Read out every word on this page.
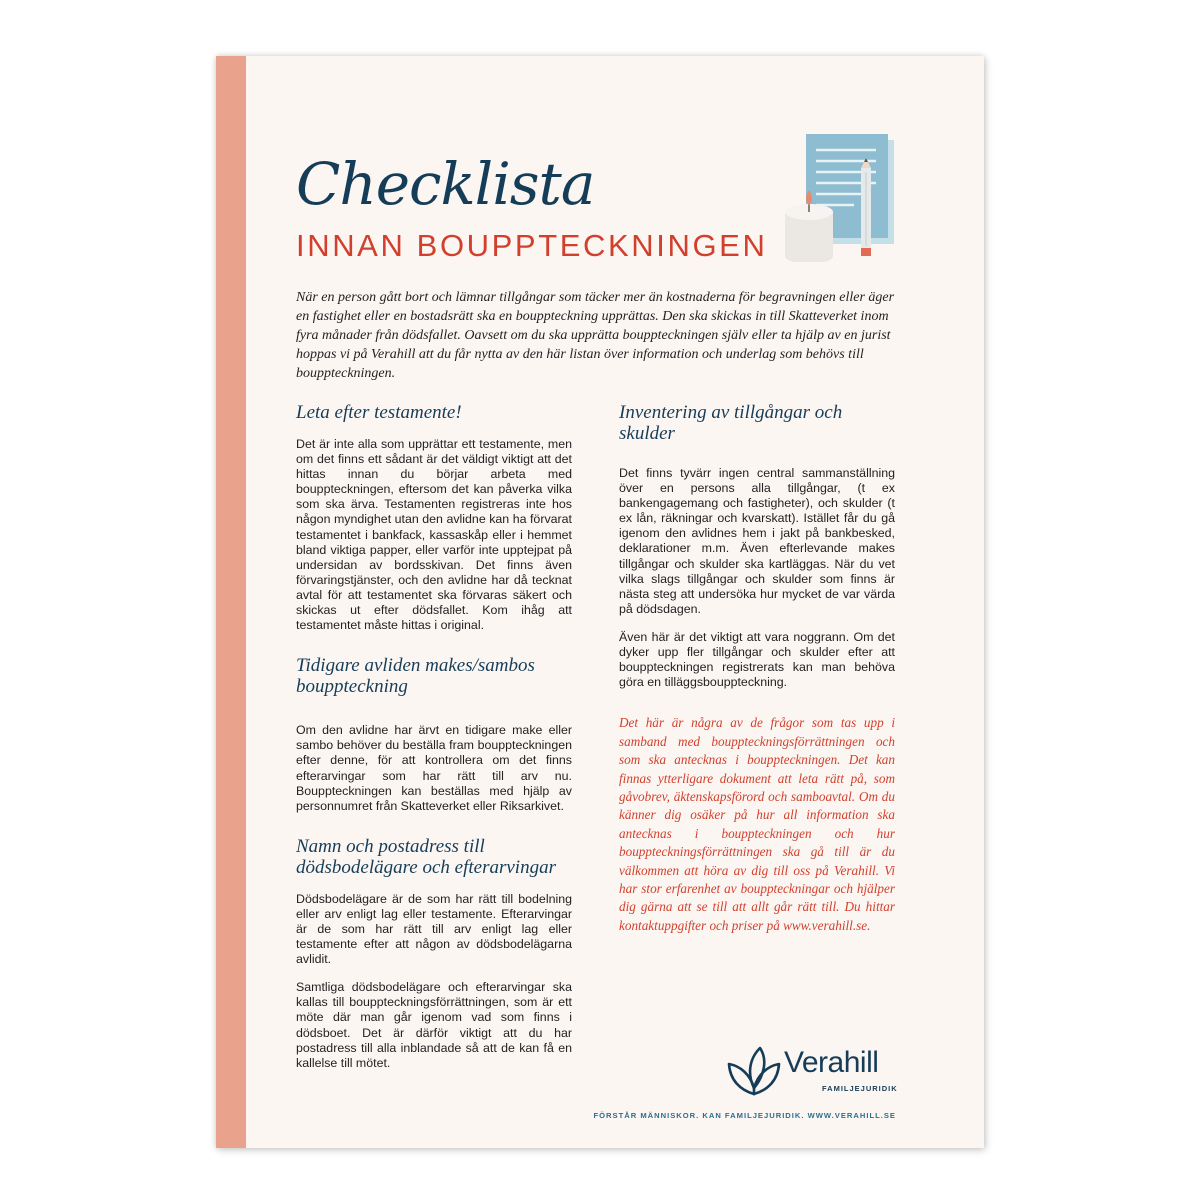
Checklista
INNAN BOUPPTECKNINGEN

När en person gått bort och lämnar tillgångar som täcker mer än kostnaderna för begravningen eller äger en fastighet eller en bostadsrätt ska en bouppteckning upprättas. Den ska skickas in till Skatteverket inom fyra månader från dödsfallet. Oavsett om du ska upprätta bouppteckningen själv eller ta hjälp av en jurist hoppas vi på Verahill att du får nytta av den här listan över information och underlag som behövs till bouppteckningen.

Leta efter testamente!

Det är inte alla som upprättar ett testamente, men om det finns ett sådant är det väldigt viktigt att det hittas innan du börjar arbeta med bouppteckningen, eftersom det kan påverka vilka som ska ärva. Testamenten registreras inte hos någon myndighet utan den avlidne kan ha förvarat testamentet i bankfack, kassaskåp eller i hemmet bland viktiga papper, eller varför inte upptejpat på undersidan av bordsskivan. Det finns även förvaringstjänster, och den avlidne har då tecknat avtal för att testamentet ska förvaras säkert och skickas ut efter dödsfallet. Kom ihåg att testamentet måste hittas i original.

Tidigare avliden makes/sambos bouppteckning

Om den avlidne har ärvt en tidigare make eller sambo behöver du beställa fram bouppteckningen efter denne, för att kontrollera om det finns efterarvingar som har rätt till arv nu. Bouppteckningen kan beställas med hjälp av personnumret från Skatteverket eller Riksarkivet.

Namn och postadress till dödsbodelägare och efterarvingar

Dödsbodelägare är de som har rätt till bodelning eller arv enligt lag eller testamente. Efterarvingar är de som har rätt till arv enligt lag eller testamente efter att någon av dödsbodelägarna avlidit.

Samtliga dödsbodelägare och efterarvingar ska kallas till bouppteckningsförrättningen, som är ett möte där man går igenom vad som finns i dödsboet. Det är därför viktigt att du har postadress till alla inblandade så att de kan få en kallelse till mötet.

Inventering av tillgångar och skulder

Det finns tyvärr ingen central sammanställning över en persons alla tillgångar, (t ex bankengagemang och fastigheter), och skulder (t ex lån, räkningar och kvarskatt). Istället får du gå igenom den avlidnes hem i jakt på bankbesked, deklarationer m.m. Även efterlevande makes tillgångar och skulder ska kartläggas. När du vet vilka slags tillgångar och skulder som finns är nästa steg att undersöka hur mycket de var värda på dödsdagen.

Även här är det viktigt att vara noggrann. Om det dyker upp fler tillgångar och skulder efter att bouppteckningen registrerats kan man behöva göra en tilläggsbouppteckning.

Det här är några av de frågor som tas upp i samband med bouppteckningsförrättningen och som ska antecknas i bouppteckningen. Det kan finnas ytterligare dokument att leta rätt på, som gåvobrev, äktenskapsförord och samboavtal. Om du känner dig osäker på hur all information ska antecknas i bouppteckningen och hur bouppteckningsförrättningen ska gå till är du välkommen att höra av dig till oss på Verahill. Vi har stor erfarenhet av bouppteckningar och hjälper dig gärna att se till att allt går rätt till. Du hittar kontaktuppgifter och priser på www.verahill.se.

Verahill
FAMILJEJURIDIK

FÖRSTÅR MÄNNISKOR. KAN FAMILJEJURIDIK. WWW.VERAHILL.SE
